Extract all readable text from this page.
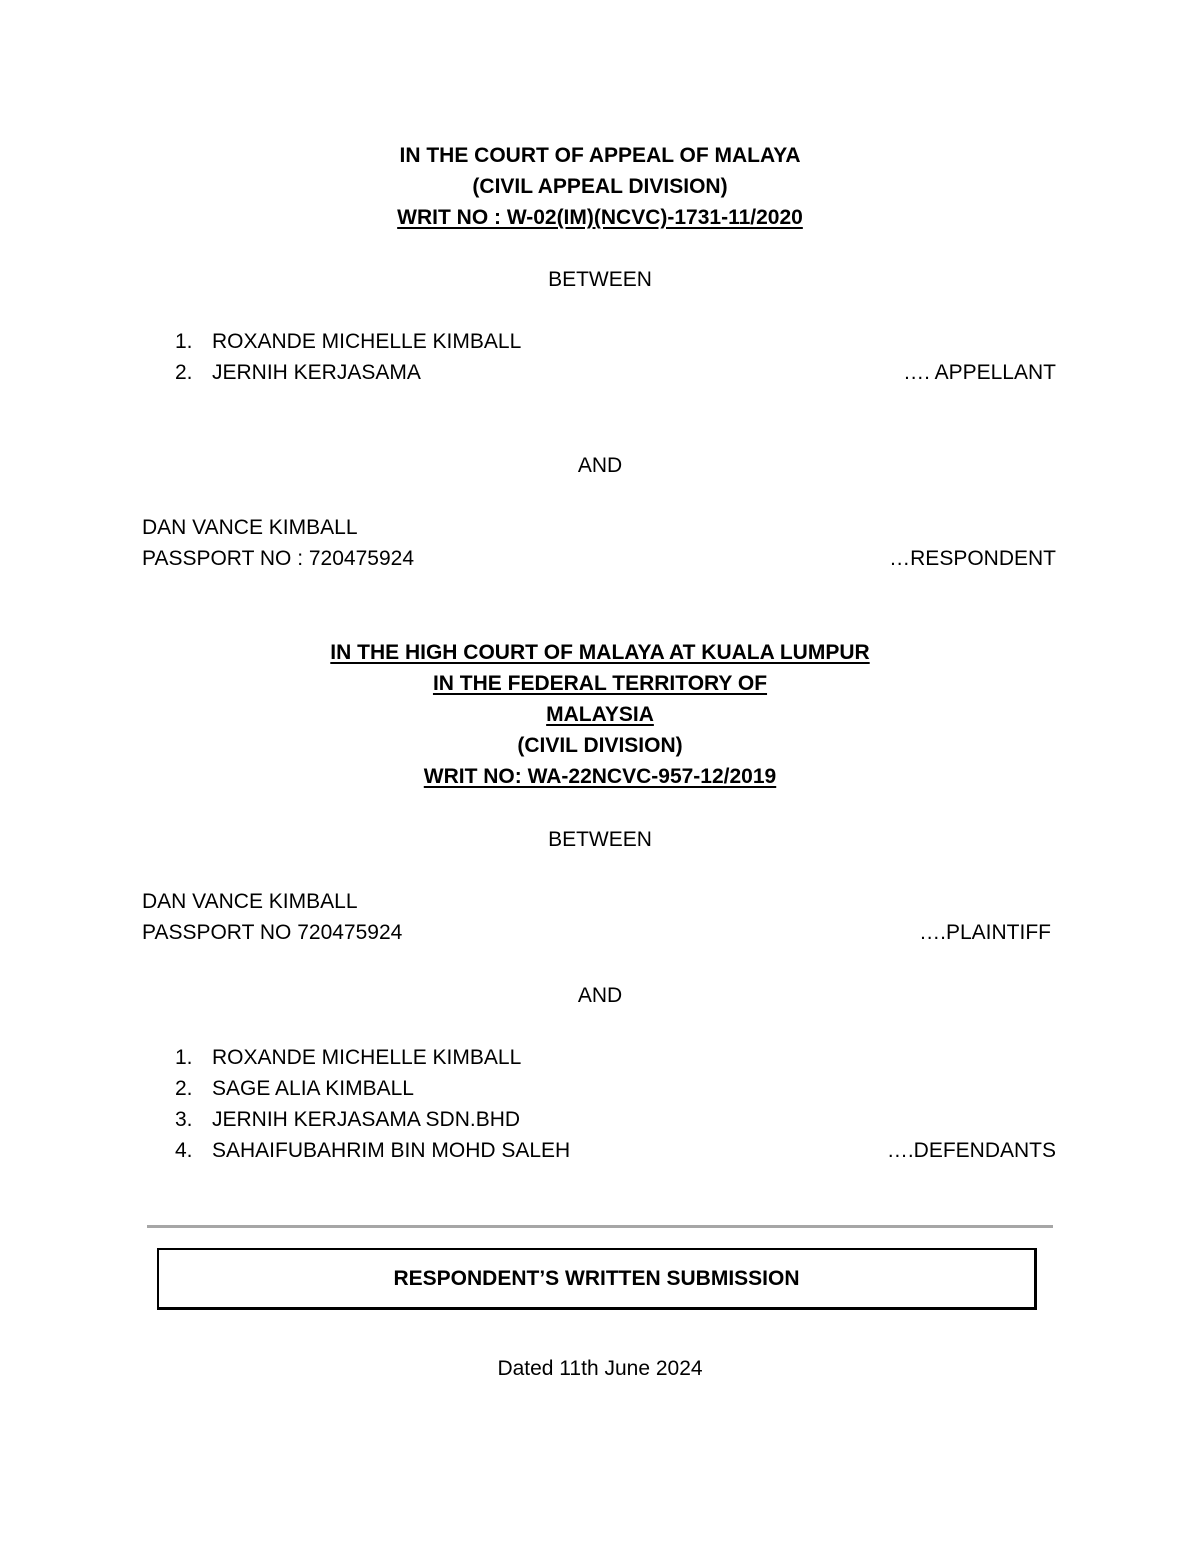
IN THE COURT OF APPEAL OF MALAYA
(CIVIL APPEAL DIVISION)
WRIT NO : W-02(IM)(NCVC)-1731-11/2020
BETWEEN
1. ROXANDE MICHELLE KIMBALL
2. JERNIH KERJASAMA	…. APPELLANT
AND
DAN VANCE KIMBALL
PASSPORT NO : 720475924	…RESPONDENT
IN THE HIGH COURT OF MALAYA AT KUALA LUMPUR
IN THE FEDERAL TERRITORY OF
MALAYSIA
(CIVIL DIVISION)
WRIT NO: WA-22NCVC-957-12/2019
BETWEEN
DAN VANCE KIMBALL
PASSPORT NO 720475924	….PLAINTIFF
AND
1. ROXANDE MICHELLE KIMBALL
2. SAGE ALIA KIMBALL
3. JERNIH KERJASAMA SDN.BHD
4. SAHAIFUBAHRIM BIN MOHD SALEH	….DEFENDANTS
RESPONDENT’S WRITTEN SUBMISSION
Dated 11th June 2024
